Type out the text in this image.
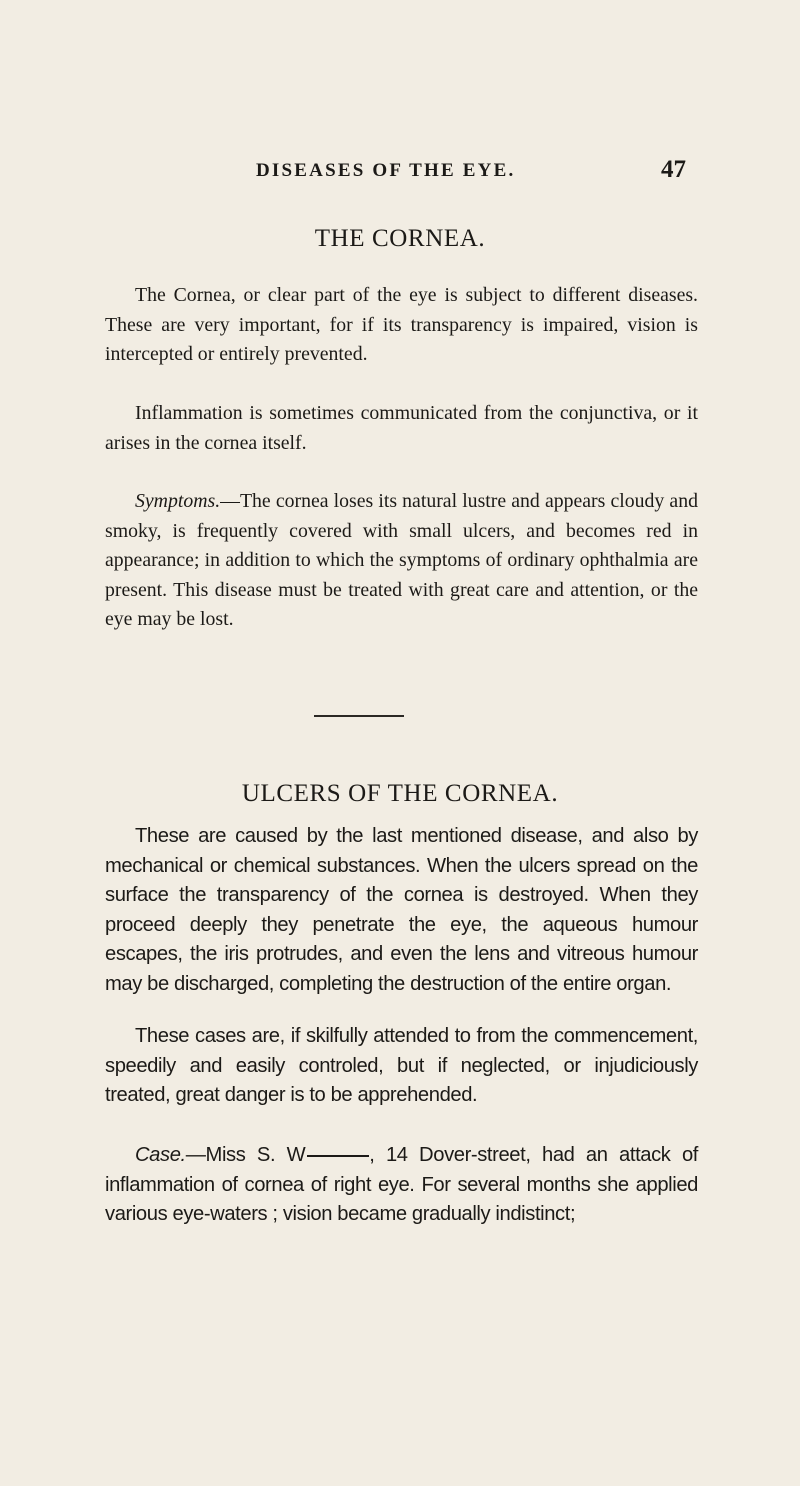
DISEASES OF THE EYE.	47
THE CORNEA.

The Cornea, or clear part of the eye is subject to different diseases. These are very important, for if its transparency is impaired, vision is intercepted or entirely prevented.

Inflammation is sometimes communicated from the conjunctiva, or it arises in the cornea itself.

Symptoms.—The cornea loses its natural lustre and appears cloudy and smoky, is frequently covered with small ulcers, and becomes red in appearance; in addition to which the symptoms of ordinary ophthalmia are present. This disease must be treated with great care and attention, or the eye may be lost.

ULCERS OF THE CORNEA.

These are caused by the last mentioned disease, and also by mechanical or chemical substances. When the ulcers spread on the surface the transparency of the cornea is destroyed. When they proceed deeply they penetrate the eye, the aqueous humour escapes, the iris protrudes, and even the lens and vitreous humour may be discharged, completing the destruction of the entire organ.

These cases are, if skilfully attended to from the commencement, speedily and easily controled, but if neglected, or injudiciously treated, great danger is to be apprehended.

Case.—Miss S. W	, 14 Dover-street, had an attack of inflammation of cornea of right eye. For several months she applied various eye-waters ; vision became gradually indistinct;
